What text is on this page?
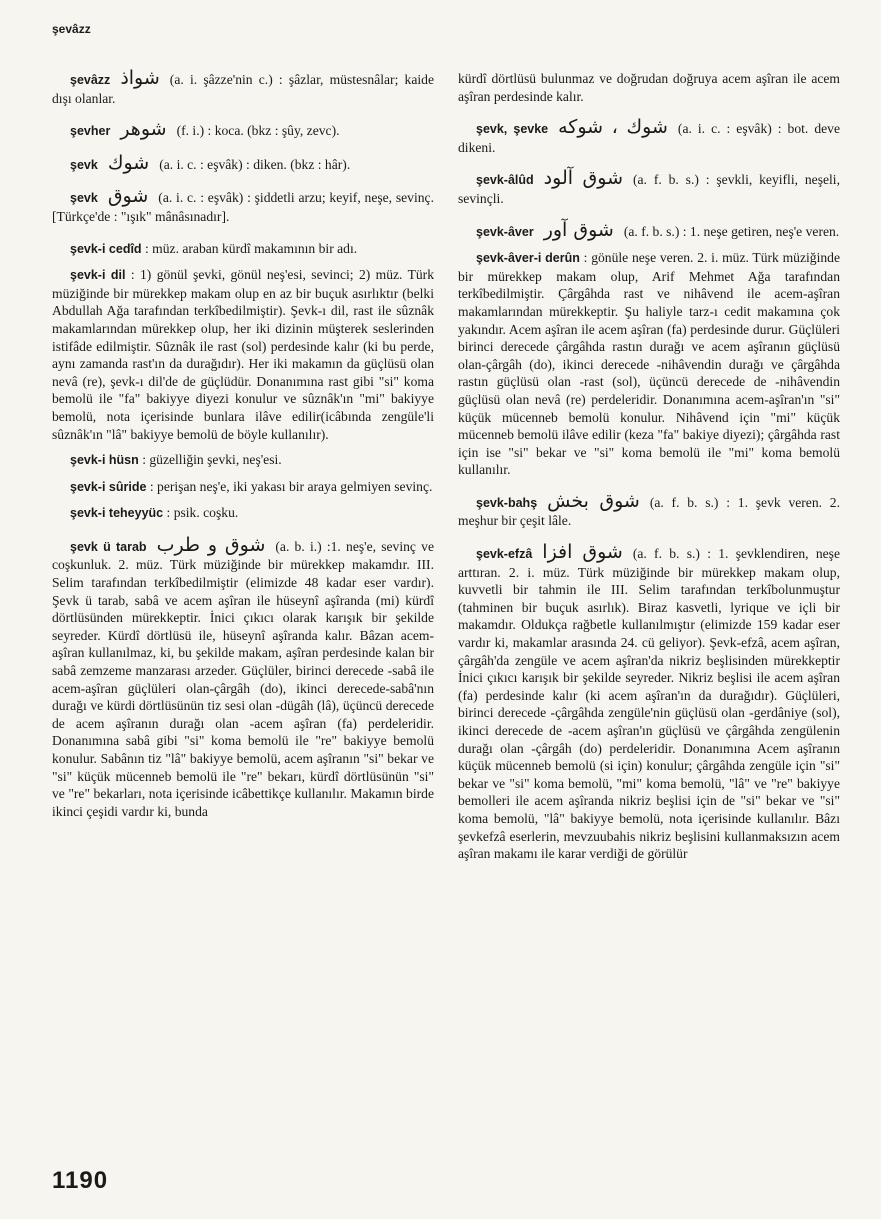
şevâzz

şevâzz شواذ (a. i. şâzze'nin c.) : şâzlar, müstesnâlar; kaide dışı olanlar.

şevher شوهر (f. i.) : koca. (bkz : şûy, zevc).

şevk شوك (a. i. c. : eşvâk) : diken. (bkz : hâr).

şevk شوق (a. i. c. : eşvâk) : şiddetli arzu; keyif, neşe, sevinç. [Türkçe'de : "ışık" mânâsınadır].

şevk-i cedîd : müz. araban kürdî makamının bir adı.

şevk-i dil : 1) gönül şevki, gönül neş'esi, sevinci; 2) müz. Türk müziğinde bir mürekkep makam olup en az bir buçuk asırlıktır (belki Abdullah Ağa tarafından terkîbedilmiştir). Şevk-ı dil, rast ile sûznâk makamlarından mürekkep olup, her iki dizinin müşterek seslerinden istifâde edilmiştir. Sûznâk ile rast (sol) perdesinde kalır (ki bu perde, aynı zamanda rast'ın da durağıdır). Her iki makamın da güçlüsü olan nevâ (re), şevk-ı dil'de de güçlüdür. Donanımına rast gibi "si" koma bemolü ile "fa" bakiyye diyezi konulur ve sûznâk'ın "mi" bakiyye bemolü, nota içerisinde bunlara ilâve edilir(icâbında zengüle'li sûznâk'ın "lâ" bakiyye bemolü de böyle kullanılır).

şevk-i hüsn : güzelliğin şevki, neş'esi.

şevk-i sûride : perişan neş'e, iki yakası bir araya gelmiyen sevinç.

şevk-i teheyyüc : psik. coşku.

şevk ü tarab شوق و طرب (a. b. i.) :1. neş'e, sevinç ve coşkunluk. 2. müz. Türk müziğinde bir mürekkep makamdır. III. Selim tarafından terkîbedilmiştir (elimizde 48 kadar eser vardır). Şevk ü tarab, sabâ ve acem aşîran ile hüseynî aşîranda (mi) kürdî dörtlüsünden mürekkeptir. İnici çıkıcı olarak karışık bir şekilde seyreder. Kürdî dörtlüsü ile, hüseynî aşîranda kalır. Bâzan acem-aşîran kullanılmaz, ki, bu şekilde makam, aşîran perdesinde kalan bir sabâ zemzeme manzarası arzeder. Güçlüler, birinci derecede -sabâ ile acem-aşîran güçlüleri olan-çârgâh (do), ikinci derecede-sabâ'nın durağı ve kürdi dörtlüsünün tiz sesi olan -dügâh (lâ), üçüncü derecede de acem aşîranın durağı olan -acem aşîran (fa) perdeleridir. Donanımına sabâ gibi "si" koma bemolü ile "re" bakiyye bemolü konulur. Sabânın tiz "lâ" bakiyye bemolü, acem aşîranın "si" bekar ve "si" küçük mücenneb bemolü ile "re" bekarı, kürdî dörtlüsünün "si" ve "re" bekarları, nota içerisinde icâbettikçe kullanılır. Makamın birde ikinci çeşidi vardır ki, bunda

kürdî dörtlüsü bulunmaz ve doğrudan doğruya acem aşîran ile acem aşîran perdesinde kalır.

şevk, şevke شوك ، شوكه (a. i. c. : eşvâk) : bot. deve dikeni.

şevk-âlûd شوق آلود (a. f. b. s.) : şevkli, keyifli, neşeli, sevinçli.

şevk-âver شوق آور (a. f. b. s.) : 1. neşe getiren, neş'e veren.

şevk-âver-i derûn : gönüle neşe veren. 2. i. müz. Türk müziğinde bir mürekkep makam olup, Arif Mehmet Ağa tarafından terkîbedilmiştir. Çârgâhda rast ve nihâvend ile acem-aşîran makamlarından mürekkeptir. Şu haliyle tarz-ı cedit makamına çok yakındır. Acem aşîran ile acem aşîran (fa) perdesinde durur. Güçlüleri birinci derecede çârgâhda rastın durağı ve acem aşîranın güçlüsü olan-çârgâh (do), ikinci derecede -nihâvendin durağı ve çârgâhda rastın güçlüsü olan -rast (sol), üçüncü derecede de -nihâvendin güçlüsü olan nevâ (re) perdeleridir. Donanımına acem-aşîran'ın "si" küçük mücenneb bemolü konulur. Nihâvend için "mi" küçük mücenneb bemolü ilâve edilir (keza "fa" bakiye diyezi); çârgâhda rast için ise "si" bekar ve "si" koma bemolü ile "mi" koma bemolü kullanılır.

şevk-bahş شوق بخش (a. f. b. s.) : 1. şevk veren. 2. meşhur bir çeşit lâle.

şevk-efzâ شوق افزا (a. f. b. s.) : 1. şevklendiren, neşe arttıran. 2. i. müz. Türk müziğinde bir mürekkep makam olup, kuvvetli bir tahmin ile III. Selim tarafından terkîbolunmuştur (tahminen bir buçuk asırlık). Biraz kasvetli, lyrique ve içli bir makamdır. Oldukça rağbetle kullanılmıştır (elimizde 159 kadar eser vardır ki, makamlar arasında 24. cü geliyor). Şevk-efzâ, acem aşîran, çârgâh'da zengüle ve acem aşîran'da nikriz beşlisinden mürekkeptir İnici çıkıcı karışık bir şekilde seyreder. Nikriz beşlisi ile acem aşîran (fa) perdesinde kalır (ki acem aşîran'ın da durağıdır). Güçlüleri, birinci derecede -çârgâhda zengüle'nin güçlüsü olan -gerdâniye (sol), ikinci derecede de -acem aşîran'ın güçlüsü ve çârgâhda zengülenin durağı olan -çârgâh (do) perdeleridir. Donanımına Acem aşîranın küçük mücenneb bemolü (si için) konulur; çârgâhda zengüle için "si" bekar ve "si" koma bemolü, "mi" koma bemolü, "lâ" ve "re" bakiyye bemolleri ile acem aşîranda nikriz beşlisi için de "si" bekar ve "si" koma bemolü, "lâ" bakiyye bemolü, nota içerisinde kullanılır. Bâzı şevkefzâ eserlerin, mevzuubahis nikriz beşlisini kullanmaksızın acem aşîran makamı ile karar verdiği de görülür

1190
